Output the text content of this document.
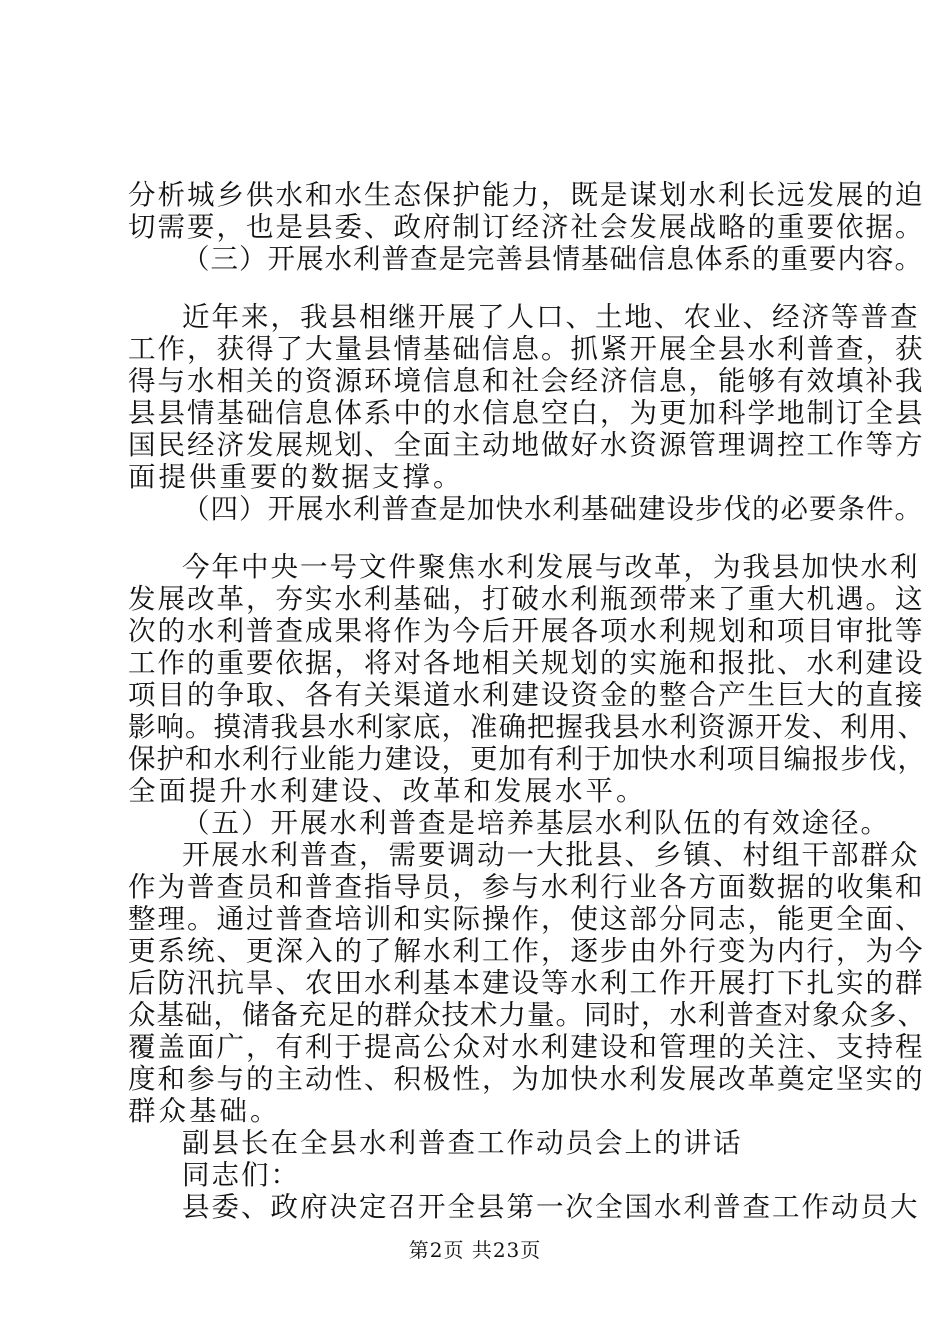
分析城乡供水和水生态保护能力，既是谋划水利长远发展的迫
切需要，也是县委、政府制订经济社会发展战略的重要依据。
（三）开展水利普查是完善县情基础信息体系的重要内容。
近年来，我县相继开展了人口、土地、农业、经济等普查
工作，获得了大量县情基础信息。抓紧开展全县水利普查，获
得与水相关的资源环境信息和社会经济信息，能够有效填补我
县县情基础信息体系中的水信息空白，为更加科学地制订全县
国民经济发展规划、全面主动地做好水资源管理调控工作等方
面提供重要的数据支撑。
（四）开展水利普查是加快水利基础建设步伐的必要条件。
今年中央一号文件聚焦水利发展与改革，为我县加快水利
发展改革，夯实水利基础，打破水利瓶颈带来了重大机遇。这
次的水利普查成果将作为今后开展各项水利规划和项目审批等
工作的重要依据，将对各地相关规划的实施和报批、水利建设
项目的争取、各有关渠道水利建设资金的整合产生巨大的直接
影响。摸清我县水利家底，准确把握我县水利资源开发、利用、
保护和水利行业能力建设，更加有利于加快水利项目编报步伐，
全面提升水利建设、改革和发展水平。
（五）开展水利普查是培养基层水利队伍的有效途径。
开展水利普查，需要调动一大批县、乡镇、村组干部群众
作为普查员和普查指导员，参与水利行业各方面数据的收集和
整理。通过普查培训和实际操作，使这部分同志，能更全面、
更系统、更深入的了解水利工作，逐步由外行变为内行，为今
后防汛抗旱、农田水利基本建设等水利工作开展打下扎实的群
众基础，储备充足的群众技术力量。同时，水利普查对象众多、
覆盖面广，有利于提高公众对水利建设和管理的关注、支持程
度和参与的主动性、积极性，为加快水利发展改革奠定坚实的
群众基础。
副县长在全县水利普查工作动员会上的讲话
同志们：
县委、政府决定召开全县第一次全国水利普查工作动员大
第2页 共23页
